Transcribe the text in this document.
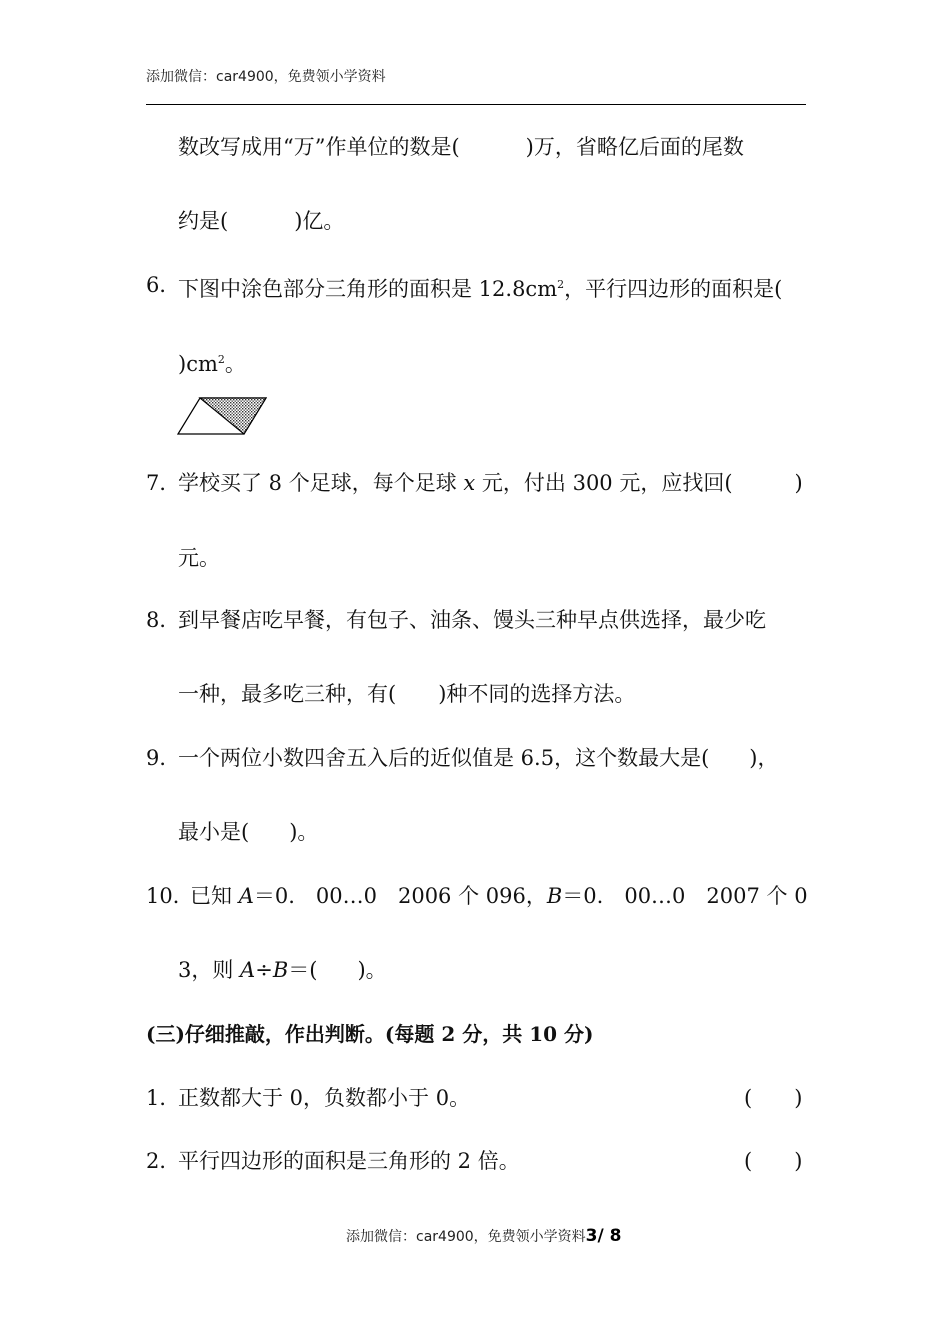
添加微信：car4900，免费领小学资料
数改写成用“万”作单位的数是(	)万，省略亿后面的尾数
约是(	)亿。
6．
下图中涂色部分三角形的面积是 $12.8cm^2$，平行四边形的面积是(
)$cm^2$。
7．
学校买了 8 个足球，每个足球 x 元，付出 300 元，应找回(	)
元。
8．
到早餐店吃早餐，有包子、油条、馒头三种早点供选择，最少吃
一种，最多吃三种，有( )种不同的选择方法。
9．
一个两位小数四舍五入后的近似值是 6.5，这个数最大是( )，
最小是( )。
10．
已知 A＝0.　00…0　2006 个 096，B＝0.　00…0　2007 个 0
3，则 A÷B＝( )。
(三)仔细推敲，作出判断。(每题 2 分，共 10 分)
1．
正数都大于 0，负数都小于 0。	(　　)
2．
平行四边形的面积是三角形的 2 倍。	(　　)
添加微信：car4900，免费领小学资料3/ 8
